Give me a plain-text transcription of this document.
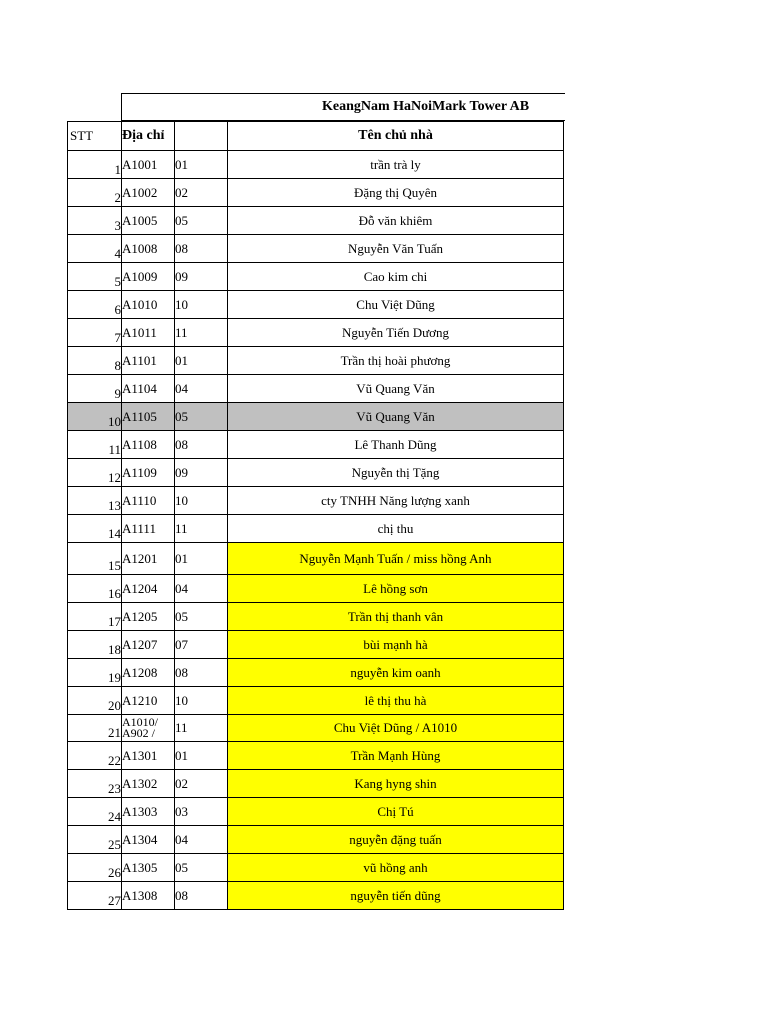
KeangNam HaNoiMark Tower AB
STT	Địa chỉ		Tên chủ nhà
1	A1001	01	trần trà ly
2	A1002	02	Đặng thị Quyên
3	A1005	05	Đỗ văn khiêm
4	A1008	08	Nguyễn Văn Tuấn
5	A1009	09	Cao kim chi
6	A1010	10	Chu Việt Dũng
7	A1011	11	Nguyễn Tiến Dương
8	A1101	01	Trần thị hoài phương
9	A1104	04	Vũ Quang Văn
10	A1105	05	Vũ Quang Văn
11	A1108	08	Lê Thanh Dũng
12	A1109	09	Nguyễn thị Tặng
13	A1110	10	cty TNHH Năng lượng xanh
14	A1111	11	chị thu
15	A1201	01	Nguyễn Mạnh Tuấn / miss hồng Anh
16	A1204	04	Lê hồng sơn
17	A1205	05	Trần thị thanh vân
18	A1207	07	bùi mạnh hà
19	A1208	08	nguyễn kim oanh
20	A1210	10	lê thị thu hà
21	A1010/
A902 /	11	Chu Việt Dũng / A1010
22	A1301	01	Trần Mạnh Hùng
23	A1302	02	Kang hyng shin
24	A1303	03	Chị Tú
25	A1304	04	nguyễn đặng tuấn
26	A1305	05	vũ hồng anh
27	A1308	08	nguyễn tiến dũng
